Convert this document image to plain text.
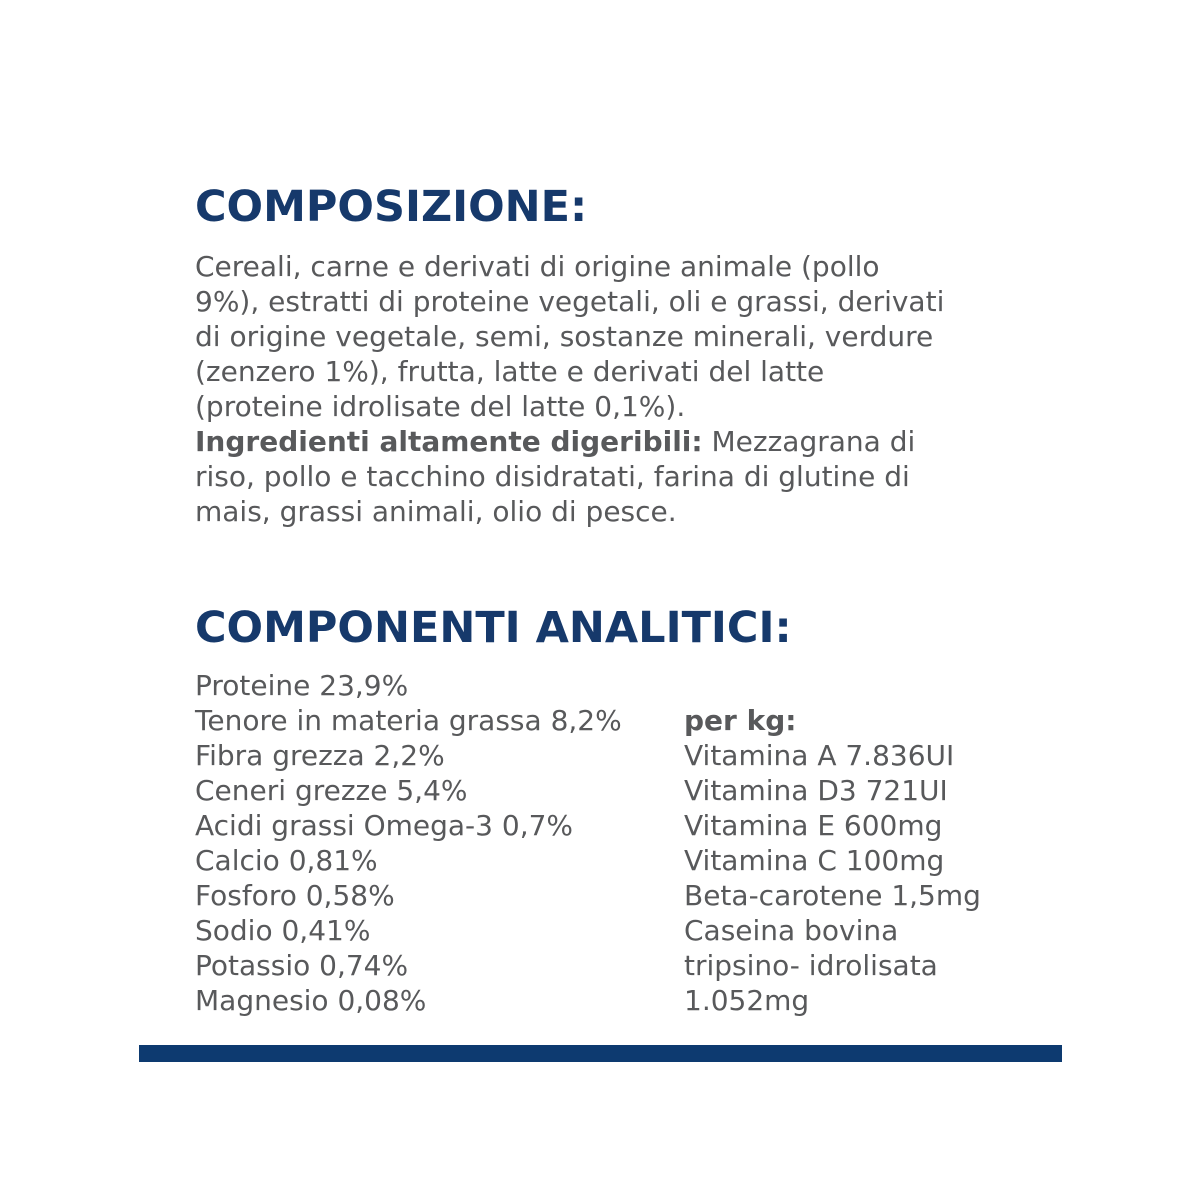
COMPOSIZIONE:
Cereali, carne e derivati di origine animale (pollo
9%), estratti di proteine vegetali, oli e grassi, derivati
di origine vegetale, semi, sostanze minerali, verdure
(zenzero 1%), frutta, latte e derivati del latte
(proteine idrolisate del latte 0,1%).
Ingredienti altamente digeribili: Mezzagrana di
riso, pollo e tacchino disidratati, farina di glutine di
mais, grassi animali, olio di pesce.
COMPONENTI ANALITICI:
Proteine 23,9%
Tenore in materia grassa 8,2%
Fibra grezza 2,2%
Ceneri grezze 5,4%
Acidi grassi Omega-3 0,7%
Calcio 0,81%
Fosforo 0,58%
Sodio 0,41%
Potassio 0,74%
Magnesio 0,08%
per kg:
Vitamina A 7.836UI
Vitamina D3 721UI
Vitamina E 600mg
Vitamina C 100mg
Beta-carotene 1,5mg
Caseina bovina
tripsino- idrolisata
1.052mg
